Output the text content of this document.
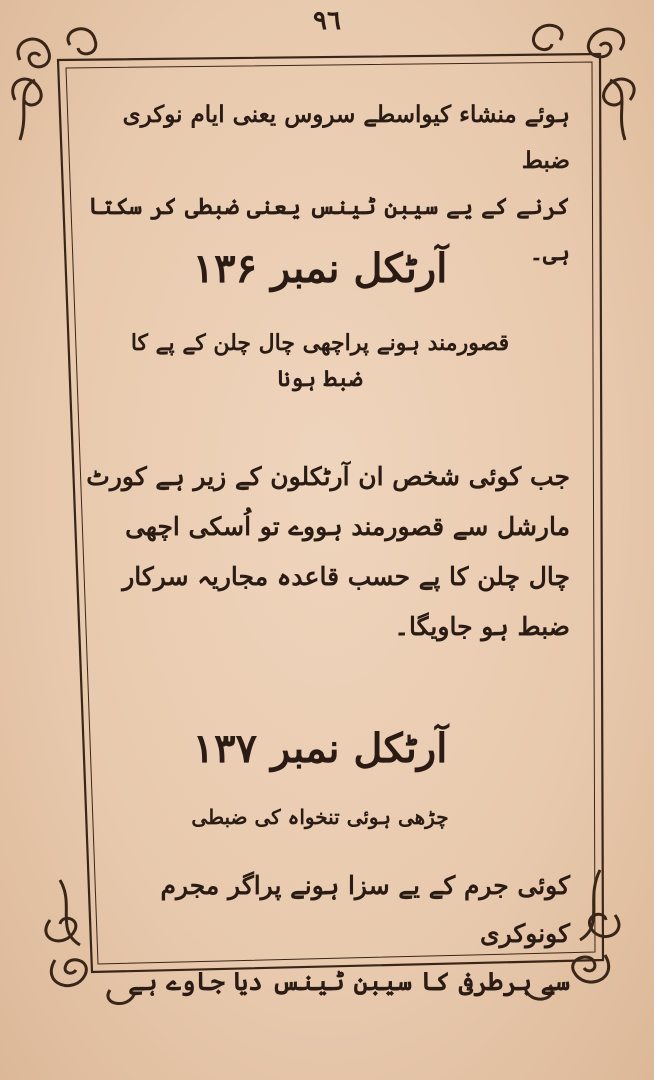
٩٦
ہوئے منشاء کیواسطے سروس یعنی ایام نوکری ضبط
کرنے کے یے سیبن ٹینس یعنی ضبطی کر سکتا ہی۔
آرٹکل نمبر ۱۳۶
قصورمند ہونے پراچھی چال چلن کے پے کا
ضبط ہونا
جب کوئی شخص ان آرٹکلون کے زیر ہے کورٹ
مارشل سے قصورمند ہووے تو اُسکی اچھی
چال چلن کا پے حسب قاعدہ مجاریہ سرکار
ضبط ہو جاویگا۔
آرٹکل نمبر ۱۳۷
چڑھی ہوئی تنخواہ کی ضبطی
کوئی جرم کے یے سزا ہونے پراگر مجرم کونوکری
سے برطرفی کا سیبن ٹینس دیا جاوے ہے
